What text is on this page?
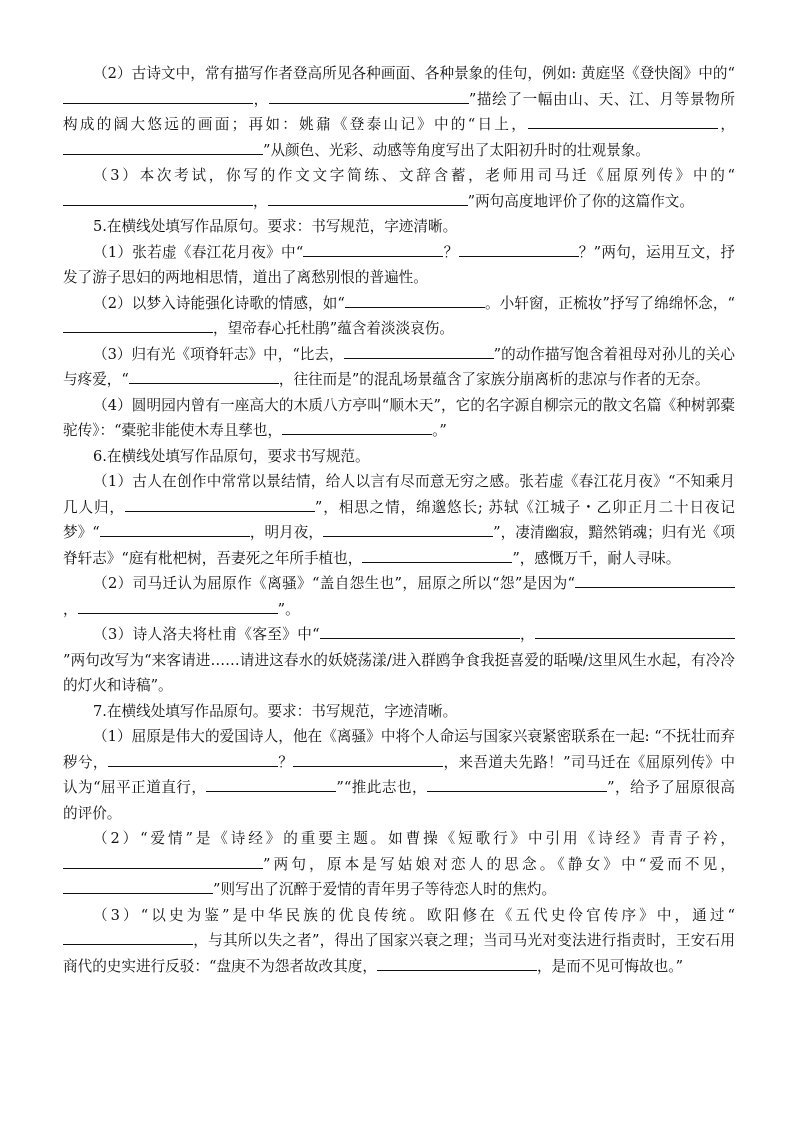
（2）古诗文中，常有描写作者登高所见各种画面、各种景象的佳句，例如: 黄庭坚《登快阁》中的“，	”描绘了一幅由山、天、江、月等景物所构成的阔大悠远的画面；再如：姚鼐《登泰山记》中的“日上，	，”从颜色、光彩、动感等角度写出了太阳初升时的壮观景象。

（3）本次考试，你写的作文文字简练、文辞含蓄，老师用司马迁《屈原列传》中的“，	”两句高度地评价了你的这篇作文。

5.在横线处填写作品原句。要求：书写规范，字迹清晰。

（1）张若虚《春江花月夜》中“	？	？”两句，运用互文，抒发了游子思妇的两地相思情，道出了离愁别恨的普遍性。

（2）以梦入诗能强化诗歌的情感，如“	。小轩窗，正梳妆”抒写了绵绵怀念，“，望帝春心托杜鹃”蕴含着淡淡哀伤。

（3）归有光《项脊轩志》中，“比去，	”的动作描写饱含着祖母对孙儿的关心与疼爱，“	，往往而是”的混乱场景蕴含了家族分崩离析的悲凉与作者的无奈。

（4）圆明园内曾有一座高大的木质八方亭叫“顺木天”，它的名字源自柳宗元的散文名篇《种树郭橐驼传》：“橐驼非能使木寿且孳也，	。”

6.在横线处填写作品原句，要求书写规范。

（1）古人在创作中常常以景结情，给人以言有尽而意无穷之感。张若虚《春江花月夜》“不知乘月几人归，	”，相思之情，绵邈悠长; 苏轼《江城子・乙卯正月二十日夜记梦》“	，明月夜，	”，凄清幽寂，黯然销魂；归有光《项脊轩志》“庭有枇杷树，吾妻死之年所手植也，	”，感慨万千，耐人寻味。

（2）司马迁认为屈原作《离骚》“盖自怨生也”，屈原之所以“怨”是因为“，	”。

（3）诗人洛夫将杜甫《客至》中“	，”两句改写为“来客请进……请进这春水的妖娆荡漾/进入群鸥争食我挺喜爱的聒噪/这里风生水起，有冷冷的灯火和诗稿”。

7.在横线处填写作品原句。要求：书写规范，字迹清晰。

（1）屈原是伟大的爱国诗人，他在《离骚》中将个人命运与国家兴衰紧密联系在一起: “不抚壮而弃秽兮，	？	，来吾道夫先路！”司马迁在《屈原列传》中认为“屈平正道直行，	”“推此志也，	”，给予了屈原很高的评价。

（2）“爱情”是《诗经》的重要主题。如曹操《短歌行》中引用《诗经》青青子衿，”两句，原本是写姑娘对恋人的思念。《静女》中“爱而不见，”则写出了沉醉于爱情的青年男子等待恋人时的焦灼。

（3）“以史为鉴”是中华民族的优良传统。欧阳修在《五代史伶官传序》中，通过“，与其所以失之者”，得出了国家兴衰之理；当司马光对变法进行指责时，王安石用商代的史实进行反驳：“盘庚不为怨者故改其度，	，是而不见可悔故也。”
